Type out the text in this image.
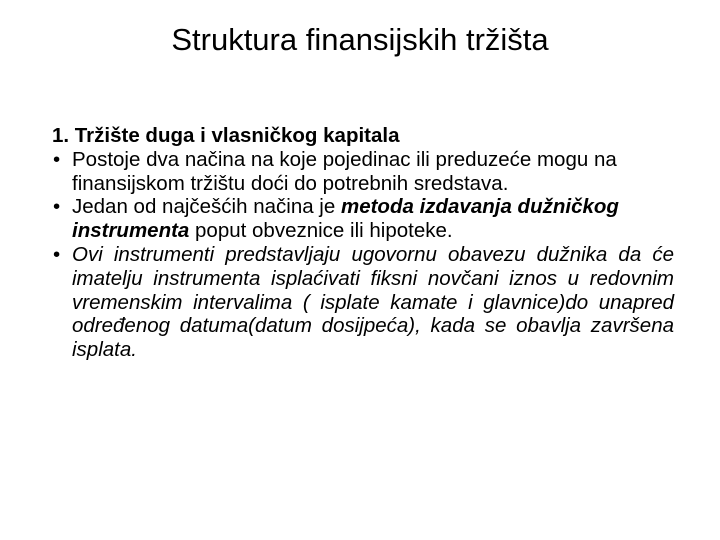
Struktura finansijskih tržišta

1. Tržište duga i vlasničkog kapitala

• Postoje dva načina na koje pojedinac ili preduzeće mogu na finansijskom tržištu doći do potrebnih sredstava.

• Jedan od najčešćih načina je metoda izdavanja dužničkog instrumenta poput obveznice ili hipoteke.

• Ovi instrumenti predstavljaju ugovornu obavezu dužnika da će imatelju instrumenta isplaćivati fiksni novčani iznos u redovnim vremenskim intervalima ( isplate kamate i glavnice)do unapred određenog datuma(datum dosijpeća), kada se obavlja završena isplata.
